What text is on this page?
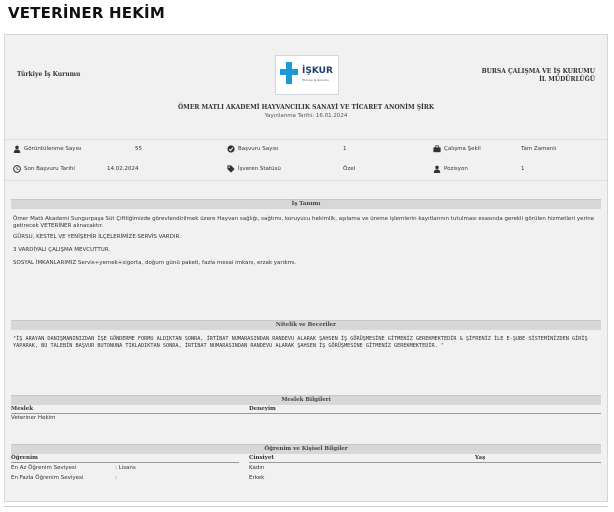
VETERİNER HEKİM
Türkiye İş Kurumu	İŞKUR
Türkiye İş Kurumu
BURSA ÇALIŞMA VE İŞ KURUMU İL MÜDÜRLÜĞÜ
ÖMER MATLI AKADEMİ HAYVANCILIK SANAYİ VE TİCARET ANONİM ŞİRK
Yayınlanma Tarihi: 16.01.2024
Görüntülenme Sayısı	55	Başvuru Sayısı	1	Çalışma Şekli	Tam Zamanlı
Son Başvuru Tarihi	14.02.2024	İşveren Statüsü	Özel	Pozisyon	1
İş Tanımı
Ömer Matlı Akademi Sungurpaşa Süt Çiftliğimizde görevlendirilmek üzere Hayvan sağlığı, sağtımı, koruyucu hekimlik, aşılama ve üreme işlemlerin kayıtlarının tutulması esasında gerekli görülen hizmetleri yerine getirecek VETERİNER alınacaktır.
GÜRSU, KESTEL VE YENİŞEHİR İLÇELERİMİZE SERVİS VARDIR.
3 VARDİYALI ÇALIŞMA MEVCUTTUR.
SOSYAL İMKANLARIMIZ Servis+yemek+sigorta, doğum günü paketi, fazla mesai imkanı, erzak yardımı.
Nitelik ve Beceriler
"İŞ ARAYAN DANIŞMANINIZDAN İŞE GÖNDERME FORMU ALDIKTAN SONRA, İRTİBAT NUMARASINDAN RANDEVU ALARAK ŞAHSEN İŞ GÖRÜŞMESİNE GİTMENİZ GEREKMEKTEDİR & ŞİFRENİZ İLE E-ŞUBE SİSTEMİNİZDEN GİRİŞ YAPARAK, BU TALEBİN BAŞVUR BUTONUNA TIKLADIKTAN SONRA, İRTİBAT NUMARASINDAN RANDEVU ALARAK ŞAHSEN İŞ GÖRÜŞMESİNE GİTMENİZ GEREKMEKTEDİR. "
Meslek Bilgileri
Meslek	Deneyim
Veteriner Hekim
Öğrenim ve Kişisel Bilgiler
Öğrenim	Cinsiyet	Yaş
En Az Öğrenim Seviyesi	: Lisans	Kadın
En Fazla Öğrenim Seviyesi	:	Erkek
